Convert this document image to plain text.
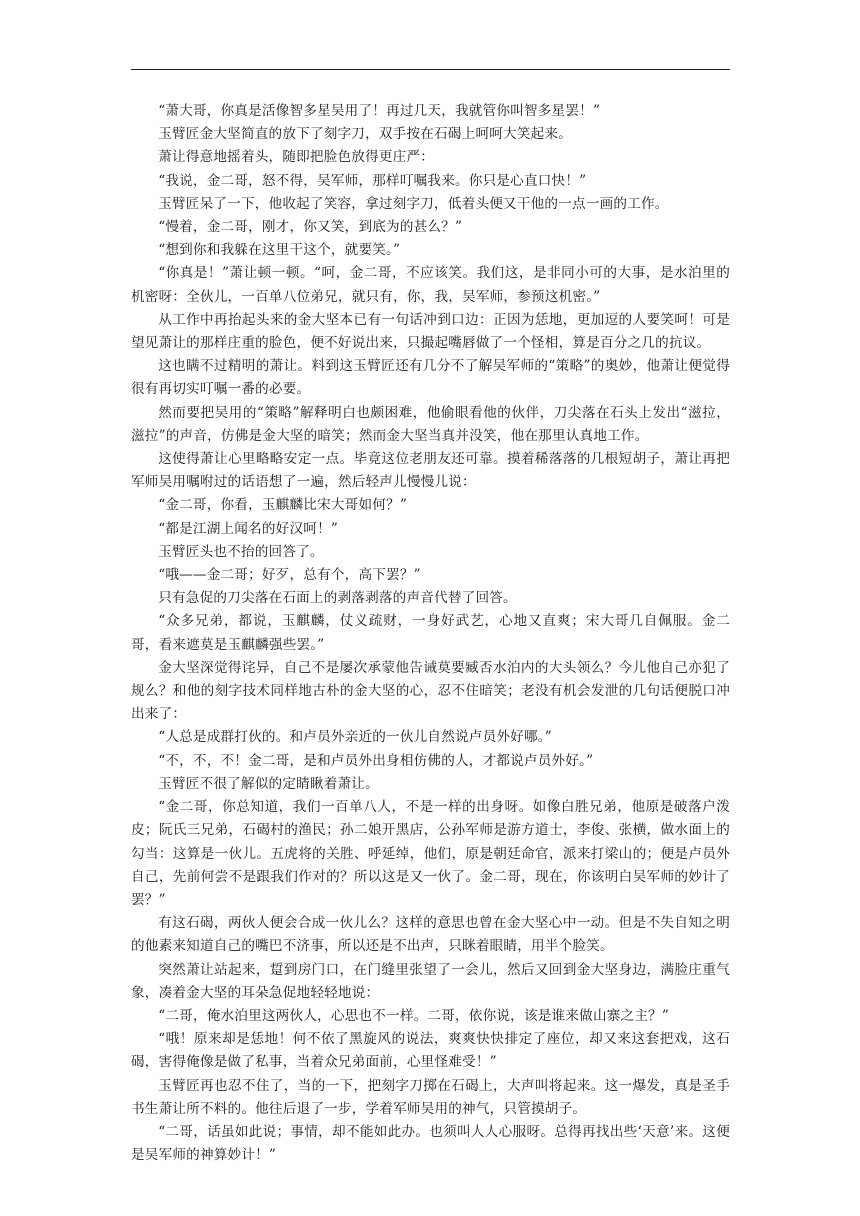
“萧大哥，你真是活像智多星吴用了！再过几天，我就管你叫智多星罢！”

玉臂匠金大坚简直的放下了刻字刀，双手按在石碣上呵呵大笑起来。

萧让得意地摇着头，随即把脸色放得更庄严：

“我说，金二哥，怒不得，吴军师，那样叮嘱我来。你只是心直口快！”

玉臂匠呆了一下，他收起了笑容，拿过刻字刀，低着头便又干他的一点一画的工作。

“慢着，金二哥，刚才，你又笑，到底为的甚么？”

“想到你和我躲在这里干这个，就要笑。”

“你真是！”萧让顿一顿。“呵，金二哥，不应该笑。我们这，是非同小可的大事，是水泊里的机密呀：全伙儿，一百单八位弟兄，就只有，你，我，吴军师，参预这机密。”

从工作中再抬起头来的金大坚本已有一句话冲到口边：正因为恁地，更加逗的人要笑呵！可是望见萧让的那样庄重的脸色，便不好说出来，只撮起嘴唇做了一个怪相，算是百分之几的抗议。

这也瞒不过精明的萧让。料到这玉臂匠还有几分不了解吴军师的“策略”的奥妙，他萧让便觉得很有再切实叮嘱一番的必要。

然而要把吴用的“策略”解释明白也颇困难，他偷眼看他的伙伴，刀尖落在石头上发出“滋拉，滋拉”的声音，仿佛是金大坚的暗笑；然而金大坚当真并没笑，他在那里认真地工作。

这使得萧让心里略略安定一点。毕竟这位老朋友还可靠。摸着稀落落的几根短胡子，萧让再把军师吴用嘱咐过的话语想了一遍，然后轻声儿慢慢儿说：

“金二哥，你看，玉麒麟比宋大哥如何？”

“都是江湖上闻名的好汉呵！”

玉臂匠头也不抬的回答了。

“哦——金二哥；好歹，总有个，高下罢？”

只有急促的刀尖落在石面上的剥落剥落的声音代替了回答。

“众多兄弟，都说，玉麒麟，仗义疏财，一身好武艺，心地又直爽；宋大哥几自佩服。金二哥，看来遮莫是玉麒麟强些罢。”

金大坚深觉得诧异，自己不是屡次承蒙他告诫莫要臧否水泊内的大头领么？今儿他自己亦犯了规么？和他的刻字技术同样地古朴的金大坚的心，忍不住暗笑；老没有机会发泄的几句话便脱口冲出来了：

“人总是成群打伙的。和卢员外亲近的一伙儿自然说卢员外好哪。”

“不，不，不！金二哥，是和卢员外出身相仿佛的人，才都说卢员外好。”

玉臂匠不很了解似的定睛瞅着萧让。

“金二哥，你总知道，我们一百单八人，不是一样的出身呀。如像白胜兄弟，他原是破落户泼皮；阮氏三兄弟，石碣村的渔民；孙二娘开黑店，公孙军师是游方道士，李俊、张横，做水面上的勾当：这算是一伙儿。五虎将的关胜、呼延绰，他们，原是朝廷命官，派来打梁山的；便是卢员外自己，先前何尝不是跟我们作对的？所以这是又一伙了。金二哥，现在，你该明白吴军师的妙计了罢？”

有这石碣，两伙人便会合成一伙儿么？这样的意思也曾在金大坚心中一动。但是不失自知之明的他素来知道自己的嘴巴不济事，所以还是不出声，只眯着眼睛，用半个脸笑。

突然萧让站起来，踅到房门口，在门缝里张望了一会儿，然后又回到金大坚身边，满脸庄重气象，凑着金大坚的耳朵急促地轻轻地说：

“二哥，俺水泊里这两伙人，心思也不一样。二哥，依你说，该是谁来做山寨之主？”

“哦！原来却是恁地！何不依了黑旋风的说法，爽爽快快排定了座位，却又来这套把戏，这石碣，害得俺像是做了私事，当着众兄弟面前，心里怪难受！”

玉臂匠再也忍不住了，当的一下，把刻字刀掷在石碣上，大声叫将起来。这一爆发，真是圣手书生萧让所不料的。他往后退了一步，学着军师吴用的神气，只管摸胡子。

“二哥，话虽如此说；事情，却不能如此办。也须叫人人心服呀。总得再找出些‘天意’来。这便是吴军师的神算妙计！”
